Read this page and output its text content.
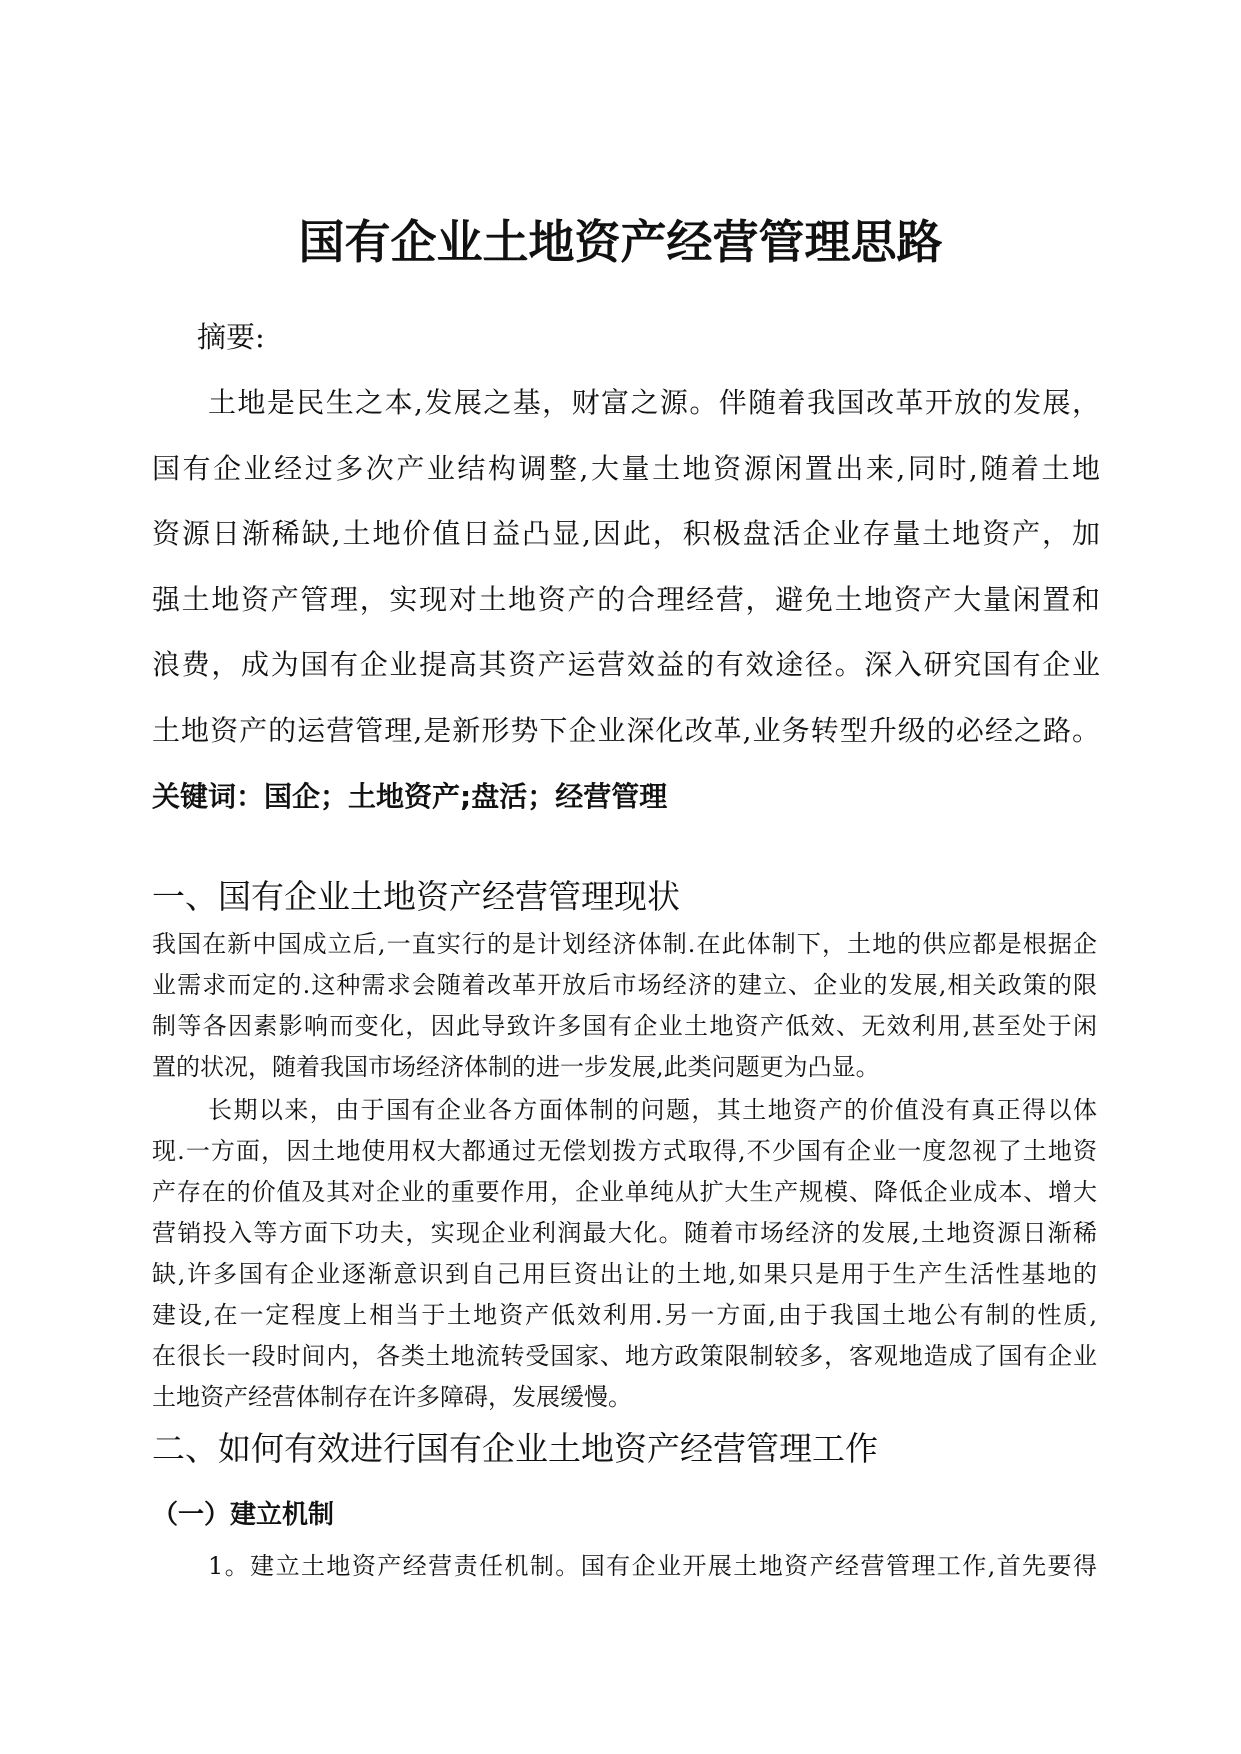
国有企业土地资产经营管理思路
摘要:
土地是民生之本,发展之基，财富之源。伴随着我国改革开放的发展，
国有企业经过多次产业结构调整,大量土地资源闲置出来,同时,随着土地
资源日渐稀缺,土地价值日益凸显,因此，积极盘活企业存量土地资产，加
强土地资产管理，实现对土地资产的合理经营，避免土地资产大量闲置和
浪费，成为国有企业提高其资产运营效益的有效途径。深入研究国有企业
土地资产的运营管理,是新形势下企业深化改革,业务转型升级的必经之路。
关键词：国企；土地资产;盘活；经营管理
一、国有企业土地资产经营管理现状
我国在新中国成立后,一直实行的是计划经济体制.在此体制下，土地的供应都是根据企
业需求而定的.这种需求会随着改革开放后市场经济的建立、企业的发展,相关政策的限
制等各因素影响而变化，因此导致许多国有企业土地资产低效、无效利用,甚至处于闲
置的状况，随着我国市场经济体制的进一步发展,此类问题更为凸显。
长期以来，由于国有企业各方面体制的问题，其土地资产的价值没有真正得以体
现.一方面，因土地使用权大都通过无偿划拨方式取得,不少国有企业一度忽视了土地资
产存在的价值及其对企业的重要作用，企业单纯从扩大生产规模、降低企业成本、增大
营销投入等方面下功夫，实现企业利润最大化。随着市场经济的发展,土地资源日渐稀
缺,许多国有企业逐渐意识到自己用巨资出让的土地,如果只是用于生产生活性基地的
建设,在一定程度上相当于土地资产低效利用.另一方面,由于我国土地公有制的性质,
在很长一段时间内，各类土地流转受国家、地方政策限制较多，客观地造成了国有企业
土地资产经营体制存在许多障碍，发展缓慢。
二、如何有效进行国有企业土地资产经营管理工作
（一）建立机制
1。建立土地资产经营责任机制。国有企业开展土地资产经营管理工作,首先要得
